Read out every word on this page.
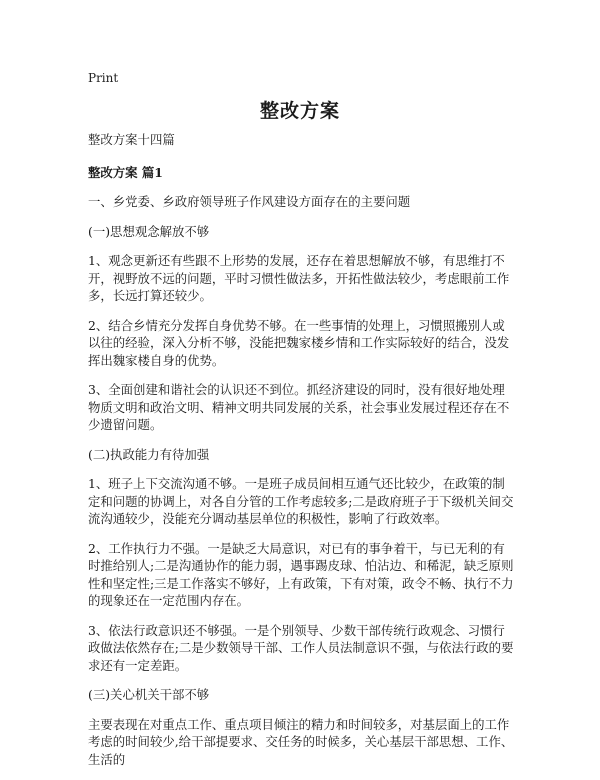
Print
整改方案

整改方案十四篇

整改方案 篇1

一、乡党委、乡政府领导班子作风建设方面存在的主要问题

(一)思想观念解放不够

1、观念更新还有些跟不上形势的发展，还存在着思想解放不够，有思维打不开，视野放不远的问题，平时习惯性做法多，开拓性做法较少，考虑眼前工作多，长远打算还较少。

2、结合乡情充分发挥自身优势不够。在一些事情的处理上，习惯照搬别人或以往的经验，深入分析不够，没能把魏家楼乡情和工作实际较好的结合，没发挥出魏家楼自身的优势。

3、全面创建和谐社会的认识还不到位。抓经济建设的同时，没有很好地处理物质文明和政治文明、精神文明共同发展的关系，社会事业发展过程还存在不少遗留问题。

(二)执政能力有待加强

1、班子上下交流沟通不够。一是班子成员间相互通气还比较少，在政策的制定和问题的协调上，对各自分管的工作考虑较多;二是政府班子于下级机关间交流沟通较少，没能充分调动基层单位的积极性，影响了行政效率。

2、工作执行力不强。一是缺乏大局意识，对已有的事争着干，与已无利的有时推给别人;二是沟通协作的能力弱，遇事踢皮球、怕沾边、和稀泥，缺乏原则性和坚定性;三是工作落实不够好，上有政策，下有对策，政令不畅、执行不力的现象还在一定范围内存在。

3、依法行政意识还不够强。一是个别领导、少数干部传统行政观念、习惯行政做法依然存在;二是少数领导干部、工作人员法制意识不强，与依法行政的要求还有一定差距。

(三)关心机关干部不够

主要表现在对重点工作、重点项目倾注的精力和时间较多，对基层面上的工作考虑的时间较少,给干部提要求、交任务的时候多，关心基层干部思想、工作、生活的
